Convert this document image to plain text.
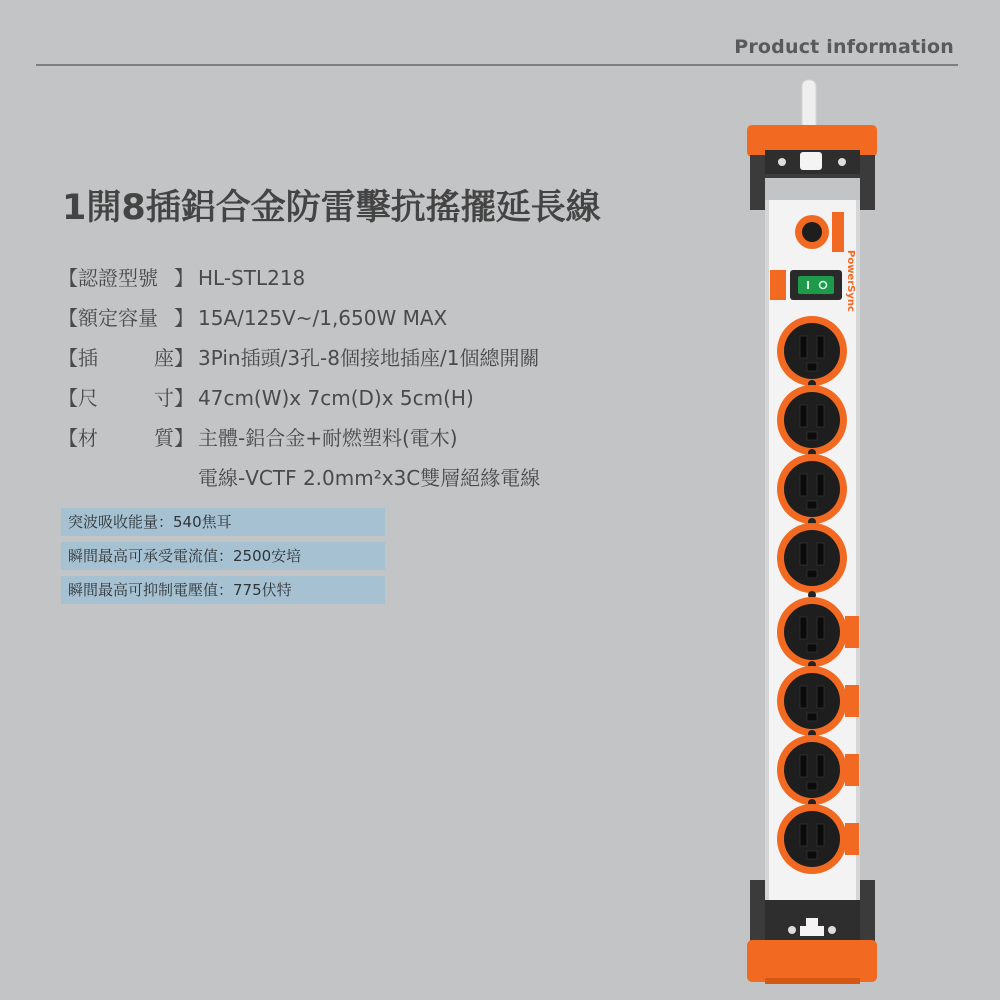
Product information
1開8插鋁合金防雷擊抗搖擺延長線
【認證型號 】 HL-STL218
【額定容量 】 15A/125V~/1,650W MAX
【插	座】 3Pin插頭/3孔-8個接地插座/1個總開關
【尺	寸】 47cm(W)x 7cm(D)x 5cm(H)
【材	質】 主體-鋁合金+耐燃塑料(電木)
電線-VCTF 2.0mm²x3C雙層絕緣電線
突波吸收能量：540焦耳
瞬間最高可承受電流值：2500安培
瞬間最高可抑制電壓值：775伏特
PowerSync
